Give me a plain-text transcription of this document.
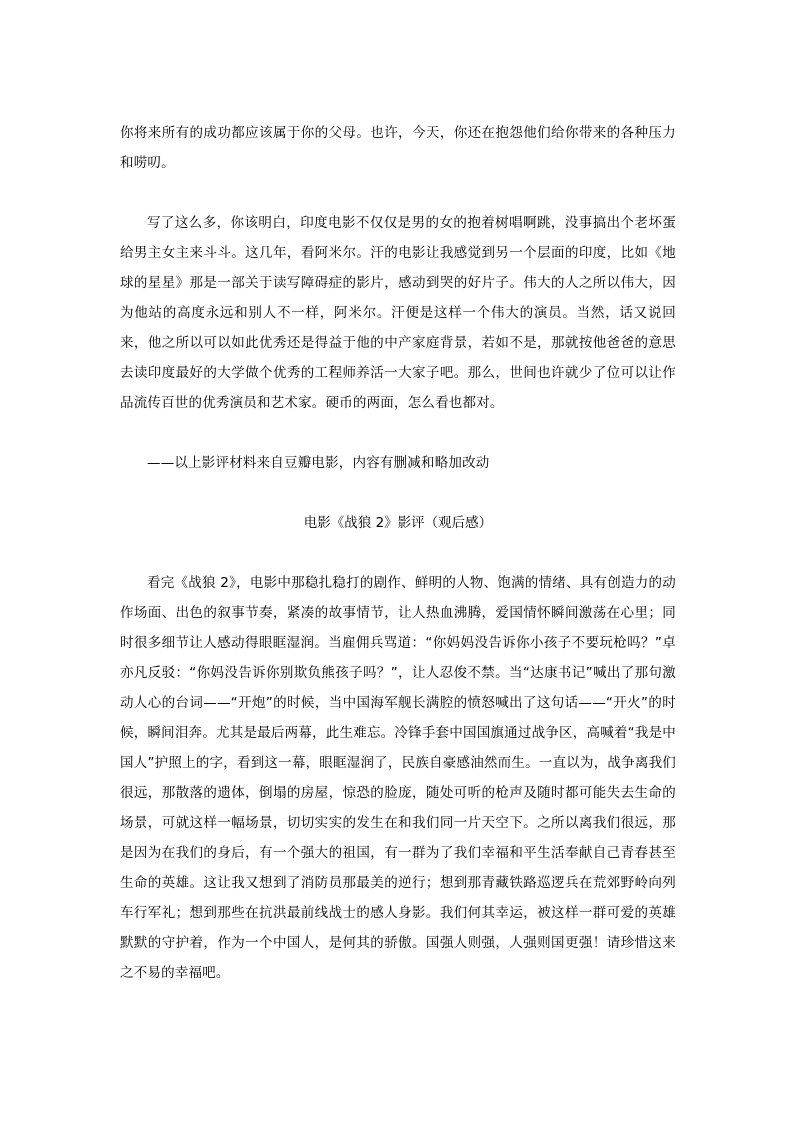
你将来所有的成功都应该属于你的父母。也许，今天，你还在抱怨他们给你带来的各种压力和唠叨。

写了这么多，你该明白，印度电影不仅仅是男的女的抱着树唱啊跳，没事搞出个老坏蛋给男主女主来斗斗。这几年，看阿米尔。汗的电影让我感觉到另一个层面的印度，比如《地球的星星》那是一部关于读写障碍症的影片，感动到哭的好片子。伟大的人之所以伟大，因为他站的高度永远和别人不一样，阿米尔。汗便是这样一个伟大的演员。当然，话又说回来，他之所以可以如此优秀还是得益于他的中产家庭背景，若如不是，那就按他爸爸的意思去读印度最好的大学做个优秀的工程师养活一大家子吧。那么，世间也许就少了位可以让作品流传百世的优秀演员和艺术家。硬币的两面，怎么看也都对。

——以上影评材料来自豆瓣电影，内容有删减和略加改动

电影《战狼 2》影评（观后感）

看完《战狼 2》，电影中那稳扎稳打的剧作、鲜明的人物、饱满的情绪、具有创造力的动作场面、出色的叙事节奏，紧凑的故事情节，让人热血沸腾，爱国情怀瞬间激荡在心里；同时很多细节让人感动得眼眶湿润。当雇佣兵骂道：“你妈妈没告诉你小孩子不要玩枪吗？”卓亦凡反驳：“你妈没告诉你别欺负熊孩子吗？”，让人忍俊不禁。当“达康书记”喊出了那句激动人心的台词——“开炮”的时候，当中国海军舰长满腔的愤怒喊出了这句话——“开火”的时候，瞬间泪奔。尤其是最后两幕，此生难忘。冷锋手套中国国旗通过战争区，高喊着“我是中国人”护照上的字，看到这一幕，眼眶湿润了，民族自豪感油然而生。一直以为，战争离我们很远，那散落的遗体，倒塌的房屋，惊恐的脸庞，随处可听的枪声及随时都可能失去生命的场景，可就这样一幅场景，切切实实的发生在和我们同一片天空下。之所以离我们很远，那是因为在我们的身后，有一个强大的祖国，有一群为了我们幸福和平生活奉献自己青春甚至生命的英雄。这让我又想到了消防员那最美的逆行；想到那青藏铁路巡逻兵在荒郊野岭向列车行军礼；想到那些在抗洪最前线战士的感人身影。我们何其幸运，被这样一群可爱的英雄默默的守护着，作为一个中国人，是何其的骄傲。国强人则强，人强则国更强！请珍惜这来之不易的幸福吧。
